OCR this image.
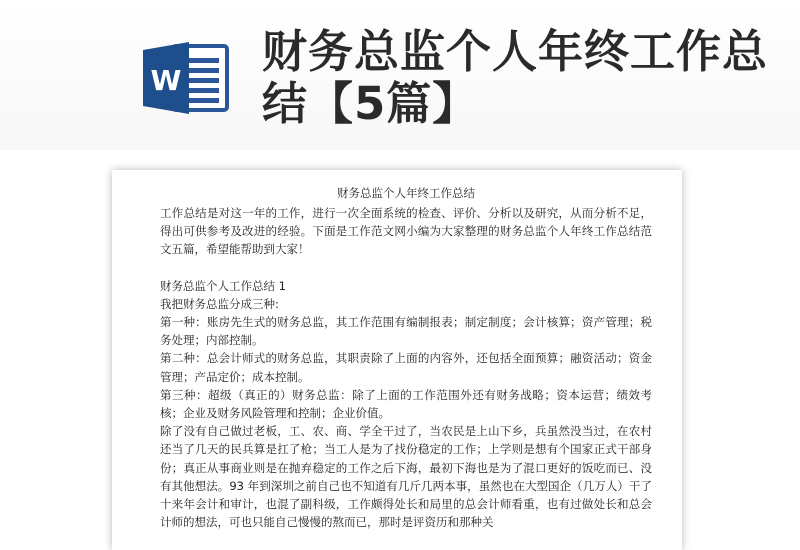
W
财务总监个人年终工作总结【5篇】
财务总监个人年终工作总结

工作总结是对这一年的工作，进行一次全面系统的检查、评价、分析以及研究，从而分析不足，得出可供参考及改进的经验。下面是工作范文网小编为大家整理的财务总监个人年终工作总结范文五篇，希望能帮助到大家！

财务总监个人工作总结 1

我把财务总监分成三种:

第一种：账房先生式的财务总监，其工作范围有编制报表；制定制度；会计核算；资产管理；税务处理；内部控制。

第二种：总会计师式的财务总监，其职责除了上面的内容外，还包括全面预算；融资活动；资金管理；产品定价；成本控制。

第三种：超级（真正的）财务总监：除了上面的工作范围外还有财务战略；资本运营；绩效考核；企业及财务风险管理和控制；企业价值。

除了没有自己做过老板，工、农、商、学全干过了，当农民是上山下乡，兵虽然没当过，在农村还当了几天的民兵算是扛了枪；当工人是为了找份稳定的工作；上学则是想有个国家正式干部身份；真正从事商业则是在抛弃稳定的工作之后下海，最初下海也是为了混口更好的饭吃而已、没有其他想法。93 年到深圳之前自己也不知道有几斤几两本事，虽然也在大型国企（几万人）干了十来年会计和审计，也混了副科级，工作颇得处长和局里的总会计师看重，也有过做处长和总会计师的想法，可也只能自己慢慢的熬而已，那时是评资历和那种关
